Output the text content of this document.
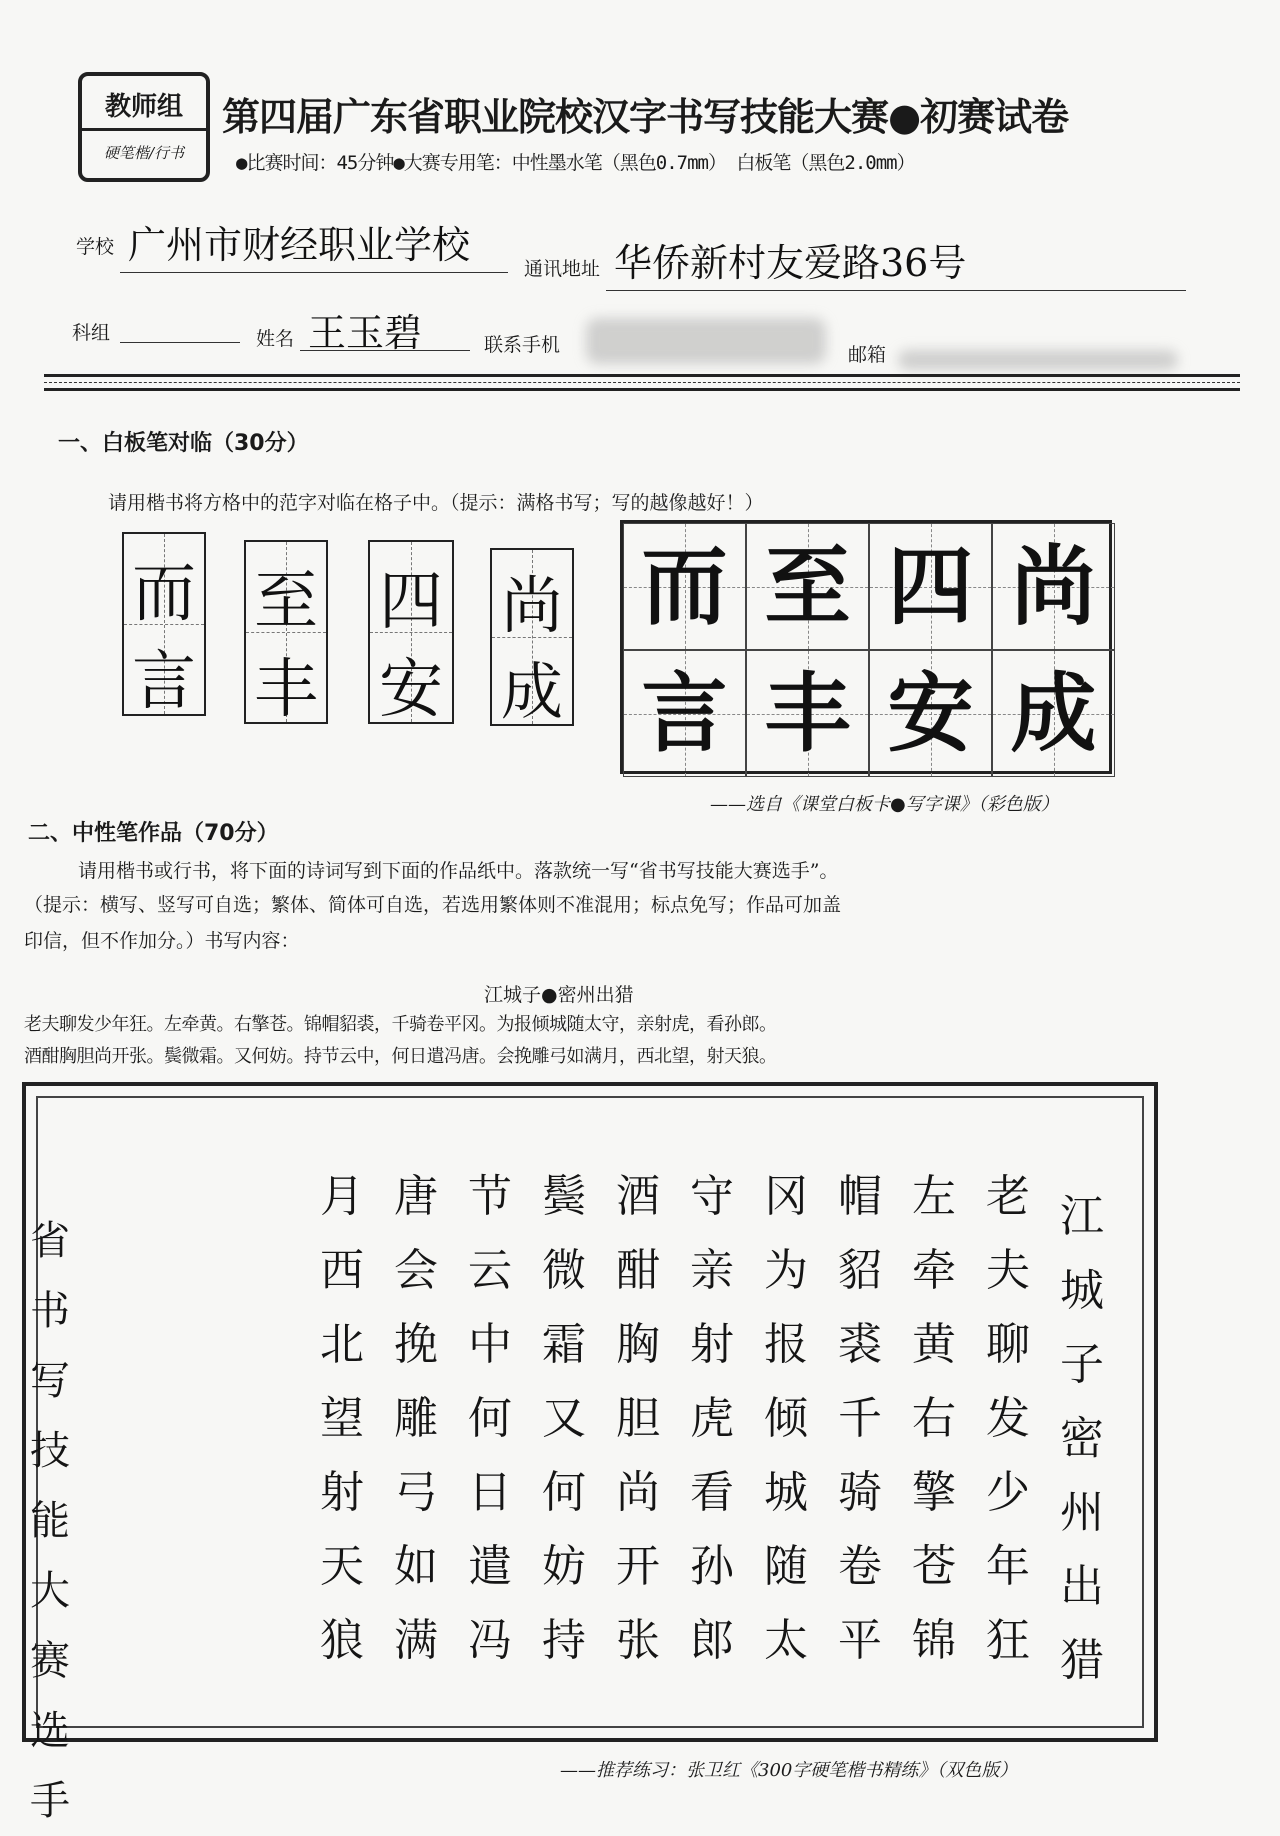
教师组
硬笔楷/行书
第四届广东省职业院校汉字书写技能大赛●初赛试卷
●比赛时间：45分钟●大赛专用笔：中性墨水笔（黑色0.7mm） 白板笔（黑色2.0mm）
学校 广州市财经职业学校
通讯地址 华侨新村友爱路36号
科组	姓名 王玉碧	联系手机	邮箱
一、白板笔对临（30分）
请用楷书将方格中的范字对临在格子中。（提示：满格书写；写的越像越好！）
而
言
至
丰
四
安
尚
成
而 至 四 尚
言 丰 安 成
——选自《课堂白板卡●写字课》（彩色版）
二、中性笔作品（70分）
请用楷书或行书，将下面的诗词写到下面的作品纸中。落款统一写“省书写技能大赛选手”。
（提示：横写、竖写可自选；繁体、简体可自选，若选用繁体则不准混用；标点免写；作品可加盖
印信，但不作加分。）书写内容：
江城子●密州出猎
老夫聊发少年狂。左牵黄。右擎苍。锦帽貂裘，千骑卷平冈。为报倾城随太守，亲射虎，看孙郎。
酒酣胸胆尚开张。鬓微霜。又何妨。持节云中，何日遣冯唐。会挽雕弓如满月，西北望，射天狼。
江
城
子
密
州
出
猎
老
夫
聊
发
少
年
狂
左
牵
黄
右
擎
苍
锦
帽
貂
裘
千
骑
卷
平
冈
为
报
倾
城
随
太
守
亲
射
虎
看
孙
郎
酒
酣
胸
胆
尚
开
张
鬓
微
霜
又
何
妨
持
节
云
中
何
日
遣
冯
唐
会
挽
雕
弓
如
满
月
西
北
望
射
天
狼
省
书
写
技
能
大
赛
选
手
——推荐练习：张卫红《300字硬笔楷书精练》（双色版）
